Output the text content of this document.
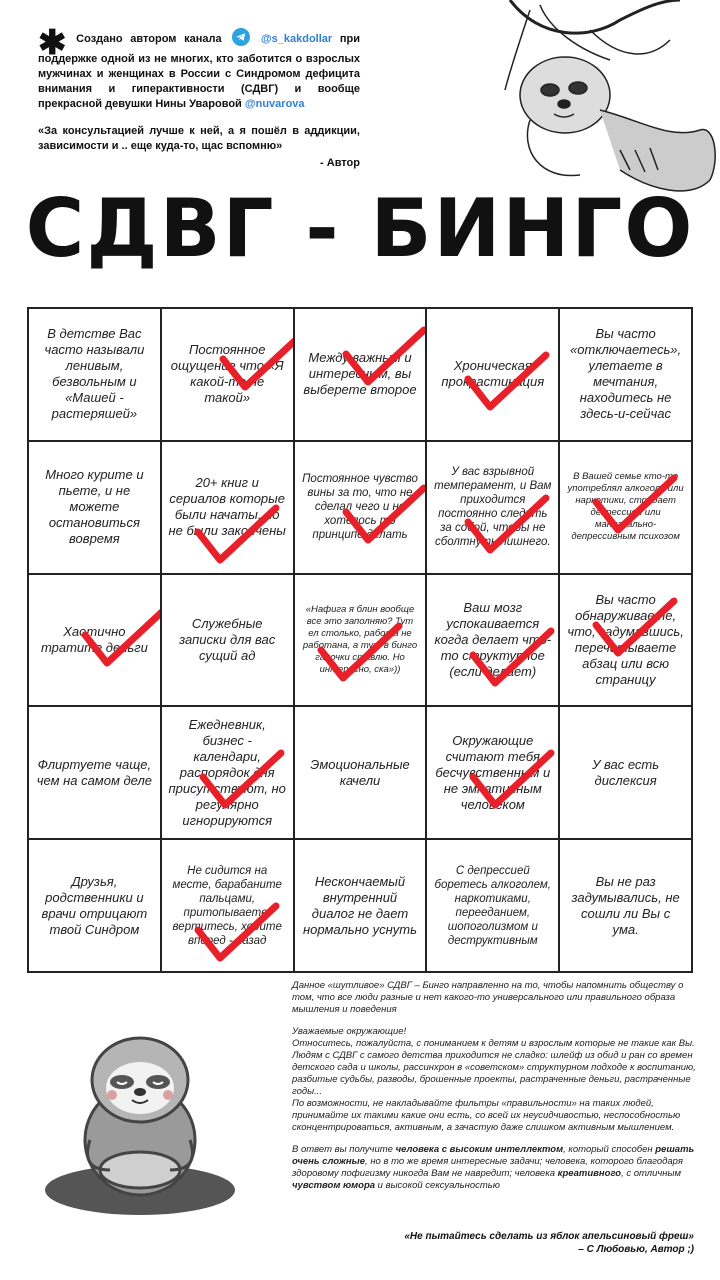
✱ Создано автором канала	@s_kakdollar при поддержке одной из не многих, кто заботится о взрослых мужчинах и женщинах в России с Синдромом дефицита внимания и гиперактивности (СДВГ) и вообще прекрасной девушки Нины Уваровой @nuvarova
«За консультацией лучше к ней, а я пошёл в аддикции, зависимости и .. еще куда-то, щас вспомню»
- Автор
СДВГ - БИНГО
В детстве Вас часто называли ленивым, безвольным и «Машей - растеряшей»
Постоянное ощущение что «Я какой-то не такой»
Между важным и интересным, вы выберете второе
Хроническая прокрастинация
Вы часто «отключаетесь», улетаете в мечтания, находитесь не здесь-и-сейчас
Много курите и пьете, и не можете остановиться вовремя
20+ книг и сериалов которые были начаты, но не были закончены
Постоянное чувство вины за то, что не сделал чего и не хотелось то принципе делать
У вас взрывной темперамент, и Вам приходится постоянно следить за собой, чтобы не сболтнуть лишнего.
В Вашей семье кто-то употреблял алкоголь или наркотики, страдает депрессией или маниакально-депрессивным психозом
Хаотично тратите деньги
Служебные записки для вас сущий ад
«Нафига я блин вообще все это заполняю? Тут ел столько, работа не работана, а тут в бинго галочки ставлю. Но интересно, ска»))
Ваш мозг успокаивается когда делает что-то структурное (если делает)
Вы часто обнаруживаете, что, задумавшись, перечитываете абзац или всю страницу
Флиртуете чаще, чем на самом деле
Ежедневник, бизнес - календари, распорядок дня присутствуют, но регулярно игнорируются
Эмоциональные качели
Окружающие считают тебя бесчувственным и не эмпатичным человеком
У вас есть дислексия
Друзья, родственники и врачи отрицают твой Синдром
Не сидится на месте, барабаните пальцами, притопываете, вертитесь, ходите вперед - назад
Нескончаемый внутренний диалог не дает нормально уснуть
С депрессией боретесь алкоголем, наркотиками, перееданием, шопоголизмом и деструктивным
Вы не раз задумывались, не сошли ли Вы с ума.

Данное «шутливое» СДВГ – Бинго направленно на то, чтобы напомнить обществу о том, что все люди разные и нет какого-то универсального или правильного образа мышления и поведения

Уважаемые окружающие!

Относитесь, пожалуйста, с пониманием к детям и взрослым которые не такие как Вы.

Людям с СДВГ с самого детства приходится не сладко: шлейф из обид и ран со времен детского сада и школы, рассинхрон в «советском» структурном подходе к воспитанию, разбитые судьбы, разводы, брошенные проекты, растраченные деньги, растраченные годы...

По возможности, не накладывайте фильтры «правильности» на таких людей, принимайте их такими какие они есть, со всей их неусидчивостью, неспособностью сконцентрироваться, активным, а зачастую даже слишком активным мышлением.

В ответ вы получите человека с высоким интеллектом, который способен решать очень сложные, но в то же время интересные задачи; человека, которого благодаря здоровому пофигизму никогда Вам не навредит; человека креативного, с отличным чувством юмора и высокой сексуальностью

«Не пытайтесь сделать из яблок апельсиновый фреш»
– С Любовью, Автор ;)
